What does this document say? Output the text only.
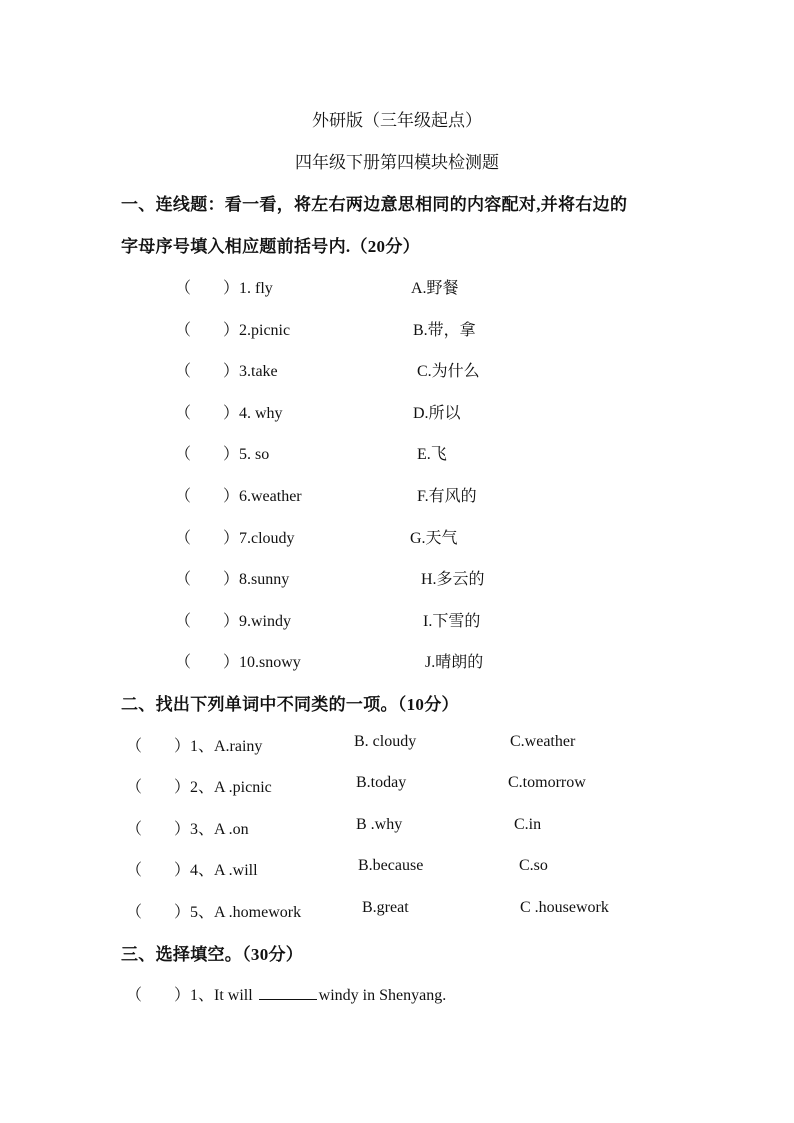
外研版（三年级起点）
四年级下册第四模块检测题
一、连线题：看一看，将左右两边意思相同的内容配对,并将右边的
字母序号填入相应题前括号内.（20分）
（　　）1. fly	A.野餐
（　　）2.picnic	B.带，拿
（　　）3.take	C.为什么
（　　）4. why	D.所以
（　　）5. so	E.飞
（　　）6.weather	F.有风的
（　　）7.cloudy	G.天气
（　　）8.sunny	H.多云的
（　　）9.windy	I.下雪的
（　　）10.snowy	J.晴朗的
二、找出下列单词中不同类的一项。（10分）
（　　）1、A.rainy	B. cloudy	C.weather
（　　）2、A .picnic	B.today	C.tomorrow
（　　）3、A .on	B .why	C.in
（　　）4、A .will	B.because	C.so
（　　）5、A .homework	B.great	C .housework
三、选择填空。（30分）
（　　）1、It will	windy in Shenyang.
